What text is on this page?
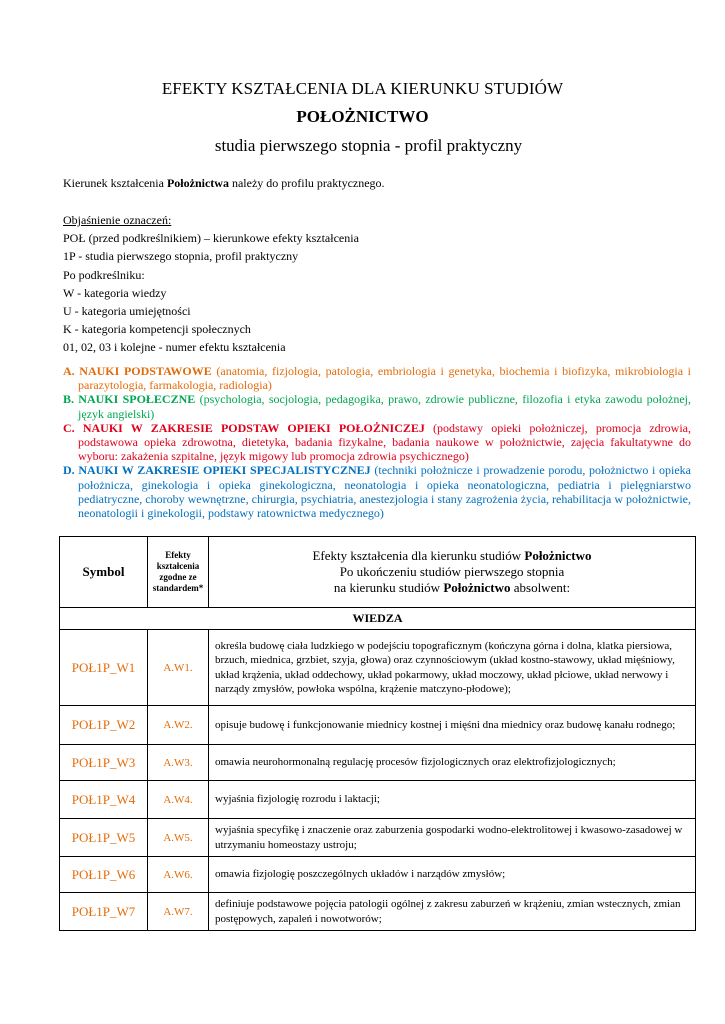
EFEKTY KSZTAŁCENIA DLA KIERUNKU STUDIÓW
POŁOŻNICTWO
studia pierwszego stopnia - profil praktyczny
Kierunek kształcenia Położnictwa należy do profilu praktycznego.
Objaśnienie oznaczeń:
POŁ (przed podkreślnikiem) – kierunkowe efekty kształcenia
1P - studia pierwszego stopnia, profil praktyczny
Po podkreślniku:
W - kategoria wiedzy
U - kategoria umiejętności
K - kategoria kompetencji społecznych
01, 02, 03 i kolejne - numer efektu kształcenia
A. NAUKI PODSTAWOWE (anatomia, fizjologia, patologia, embriologia i genetyka, biochemia i biofizyka, mikrobiologia i parazytologia, farmakologia, radiologia)
B. NAUKI SPOŁECZNE (psychologia, socjologia, pedagogika, prawo, zdrowie publiczne, filozofia i etyka zawodu położnej, język angielski)
C. NAUKI W ZAKRESIE PODSTAW OPIEKI POŁOŻNICZEJ (podstawy opieki położniczej, promocja zdrowia, podstawowa opieka zdrowotna, dietetyka, badania fizykalne, badania naukowe w położnictwie, zajęcia fakultatywne do wyboru: zakażenia szpitalne, język migowy lub promocja zdrowia psychicznego)
D. NAUKI W ZAKRESIE OPIEKI SPECJALISTYCZNEJ (techniki położnicze i prowadzenie porodu, położnictwo i opieka położnicza, ginekologia i opieka ginekologiczna, neonatologia i opieka neonatologiczna, pediatria i pielęgniarstwo pediatryczne, choroby wewnętrzne, chirurgia, psychiatria, anestezjologia i stany zagrożenia życia, rehabilitacja w położnictwie, neonatologii i ginekologii, podstawy ratownictwa medycznego)
Symbol	Efekty kształcenia zgodne ze standardem*	Efekty kształcenia dla kierunku studiów Położnictwo
Po ukończeniu studiów pierwszego stopnia
na kierunku studiów Położnictwo absolwent:

WIEDZA		
POŁ1P_W1	A.W1.	określa budowę ciała ludzkiego w podejściu topograficznym (kończyna górna i dolna, klatka piersiowa, brzuch, miednica, grzbiet, szyja, głowa) oraz czynnościowym (układ kostno-stawowy, układ mięśniowy, układ krążenia, układ oddechowy, układ pokarmowy, układ moczowy, układ płciowe, układ nerwowy i narządy zmysłów, powłoka wspólna, krążenie matczyno-płodowe);
POŁ1P_W2	A.W2.	opisuje budowę i funkcjonowanie miednicy kostnej i mięśni dna miednicy oraz budowę kanału rodnego;
POŁ1P_W3	A.W3.	omawia neurohormonalną regulację procesów fizjologicznych oraz elektrofizjologicznych;
POŁ1P_W4	A.W4.	wyjaśnia fizjologię rozrodu i laktacji;
POŁ1P_W5	A.W5.	wyjaśnia specyfikę i znaczenie oraz zaburzenia gospodarki wodno-elektrolitowej i kwasowo-zasadowej w utrzymaniu homeostazy ustroju;
POŁ1P_W6	A.W6.	omawia fizjologię poszczególnych układów i narządów zmysłów;
POŁ1P_W7	A.W7.	definiuje podstawowe pojęcia patologii ogólnej z zakresu zaburzeń w krążeniu, zmian wstecznych, zmian postępowych, zapaleń i nowotworów;
